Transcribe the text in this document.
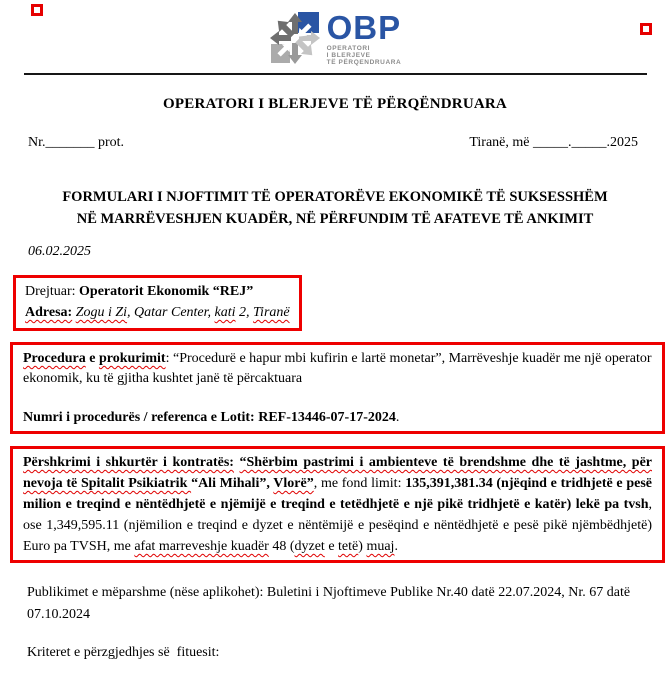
OBP
OPERATORI
I BLERJEVE
TË PËRQENDRUARA
OPERATORI I BLERJEVE TË PËRQËNDRUARA
Nr._______ prot.	Tiranë, më _____._____.2025
FORMULARI I NJOFTIMIT TË OPERATORËVE EKONOMIKË TË SUKSESSHËM
NË MARRËVESHJEN KUADËR, NË PËRFUNDIM TË AFATEVE TË ANKIMIT
06.02.2025
Drejtuar: Operatorit Ekonomik “REJ”
Adresa: Zogu i Zi, Qatar Center, kati 2, Tiranë

Procedura e prokurimit: “Procedurë e hapur mbi kufirin e lartë monetar”, Marrëveshje kuadër me një operator ekonomik, ku të gjitha kushtet janë të përcaktuara

Numri i procedurës / referenca e Lotit: REF-13446-07-17-2024.

Përshkrimi i shkurtër i kontratës: “Shërbim pastrimi i ambienteve të brendshme dhe të jashtme, për nevoja të Spitalit Psikiatrik “Ali Mihali”, Vlorë”, me fond limit: 135,391,381.34 (njëqind e tridhjetë e pesë milion e treqind e nëntëdhjetë e njëmijë e treqind e tetëdhjetë e një pikë tridhjetë e katër) lekë pa tvsh, ose 1,349,595.11 (njëmilion e treqind e dyzet e nëntëmijë e pesëqind e nëntëdhjetë e pesë pikë njëmbëdhjetë) Euro pa TVSH, me afat marreveshje kuadër 48 (dyzet e tetë) muaj.

Publikimet e mëparshme (nëse aplikohet): Buletini i Njoftimeve Publike Nr.40 datë 22.07.2024, Nr. 67 datë 07.10.2024
Kriteret e përzgjedhjes së  fituesit:
